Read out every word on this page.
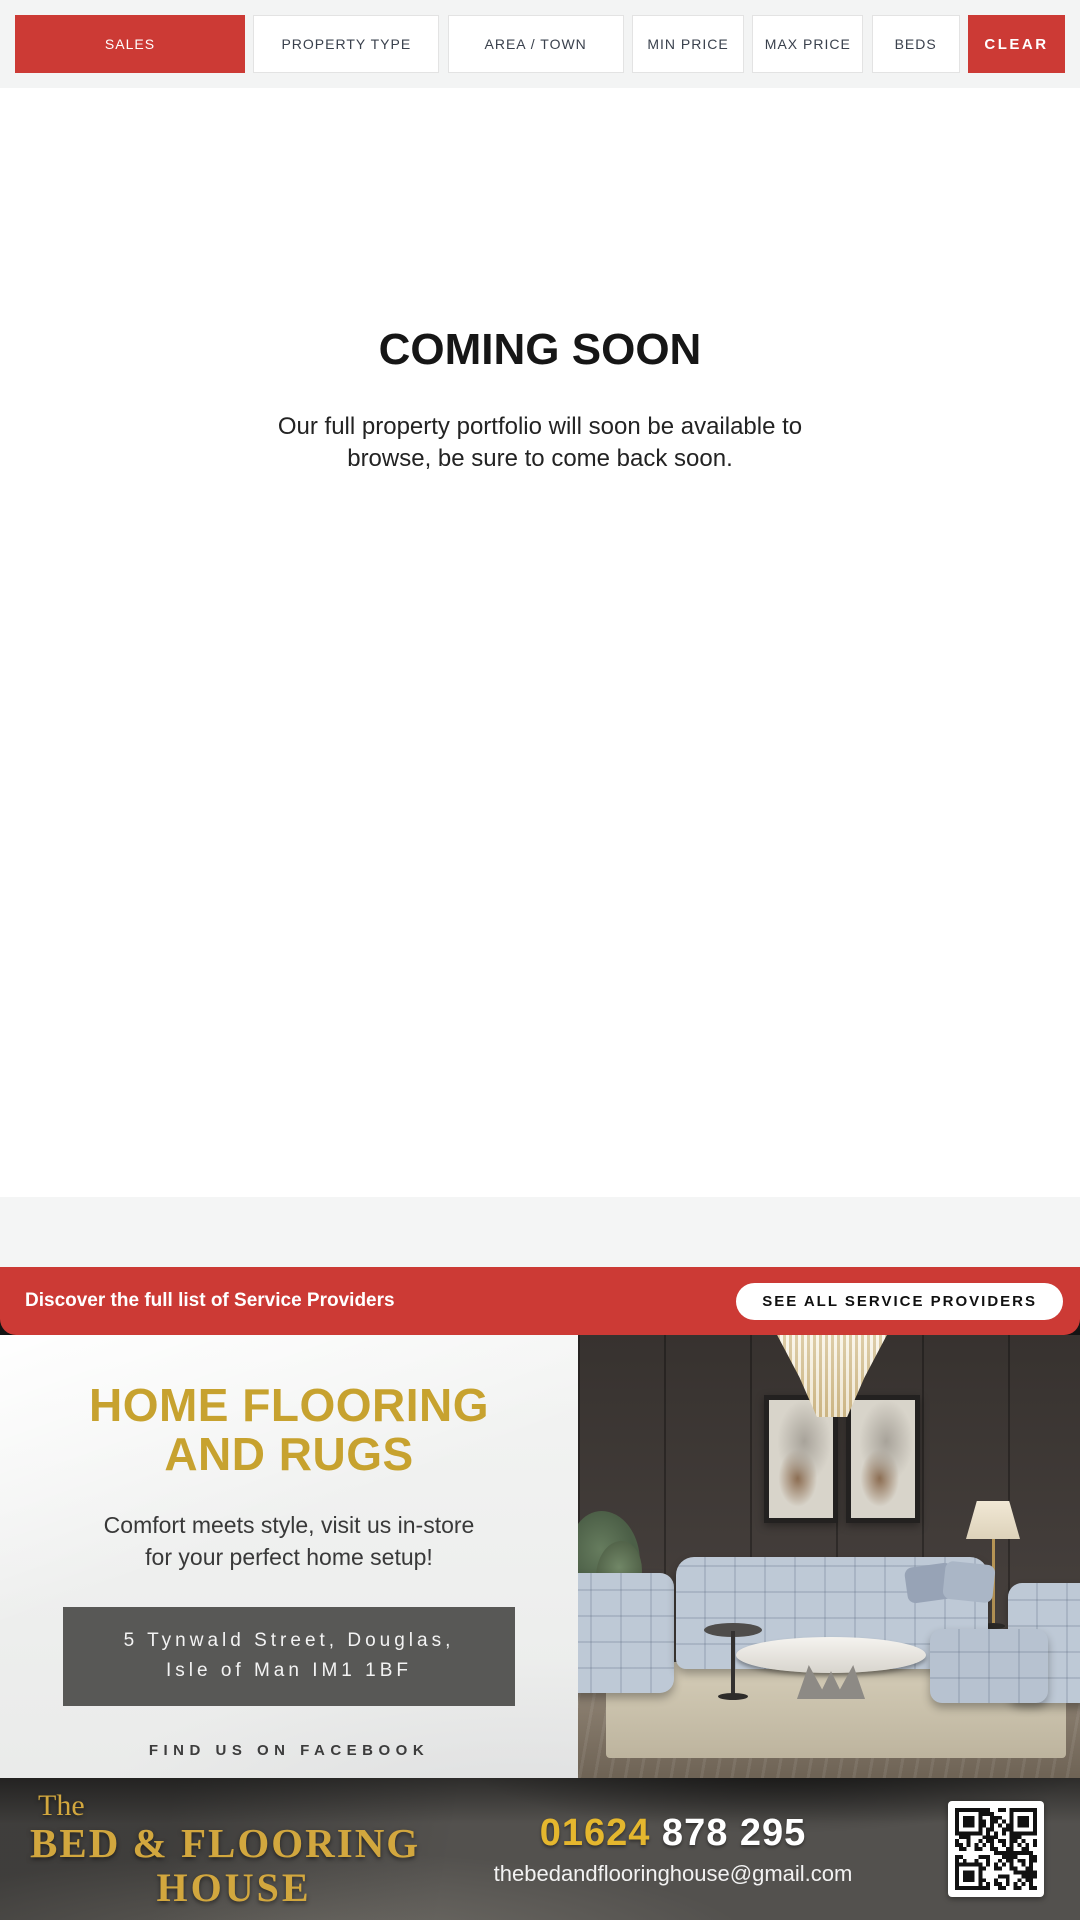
SALES	PROPERTY TYPE	AREA / TOWN	MIN PRICE	MAX PRICE	BEDS	CLEAR
COMING SOON
Our full property portfolio will soon be available to
browse, be sure to come back soon.
Discover the full list of Service Providers	SEE ALL SERVICE PROVIDERS
HOME FLOORING
AND RUGS
Comfort meets style, visit us in-store
for your perfect home setup!
5 Tynwald Street, Douglas,
Isle of Man IM1 1BF
FIND US ON FACEBOOK
The
BED & FLOORING
HOUSE
01624 878 295
thebedandflooringhouse@gmail.com
